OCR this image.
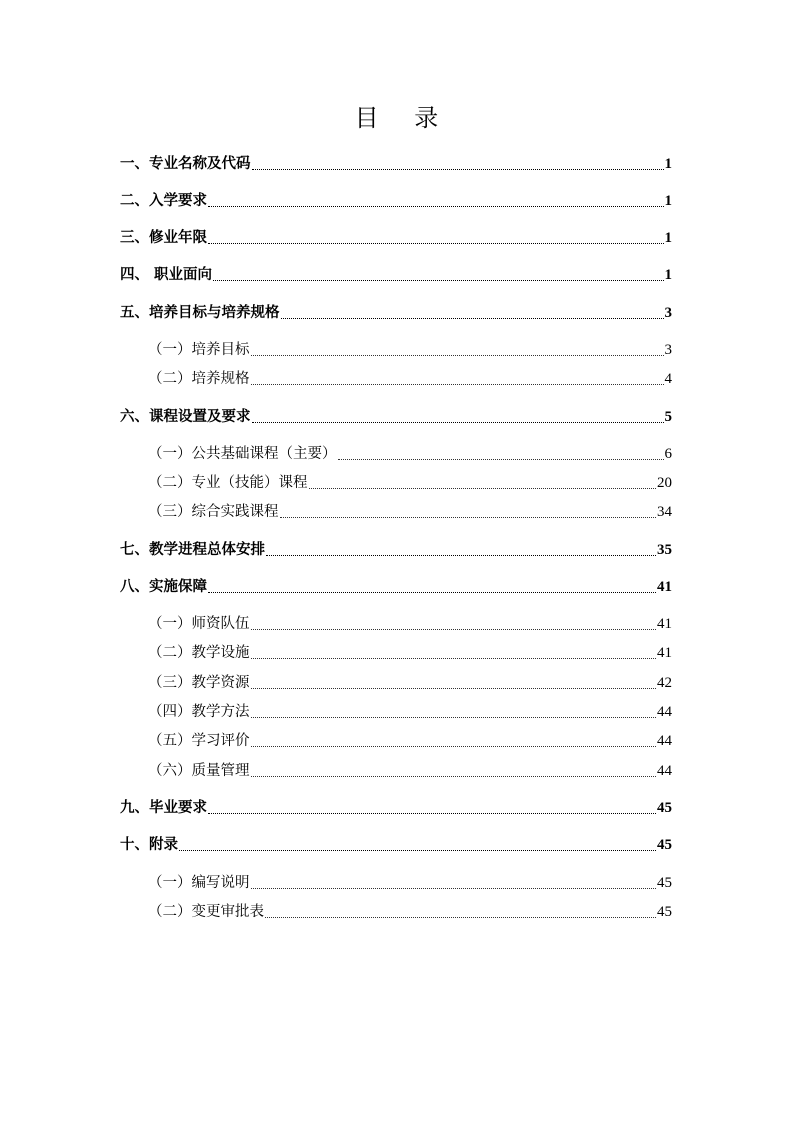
目 录
一、专业名称及代码	1
二、入学要求	1
三、修业年限	1
四、 职业面向	1
五、培养目标与培养规格	3
（一）培养目标	3
（二）培养规格	4
六、课程设置及要求	5
（一）公共基础课程（主要）	6
（二）专业（技能）课程	20
（三）综合实践课程	34
七、教学进程总体安排	35
八、实施保障	41
（一）师资队伍	41
（二）教学设施	41
（三）教学资源	42
（四）教学方法	44
（五）学习评价	44
（六）质量管理	44
九、毕业要求	45
十、附录	45
（一）编写说明	45
（二）变更审批表	45
